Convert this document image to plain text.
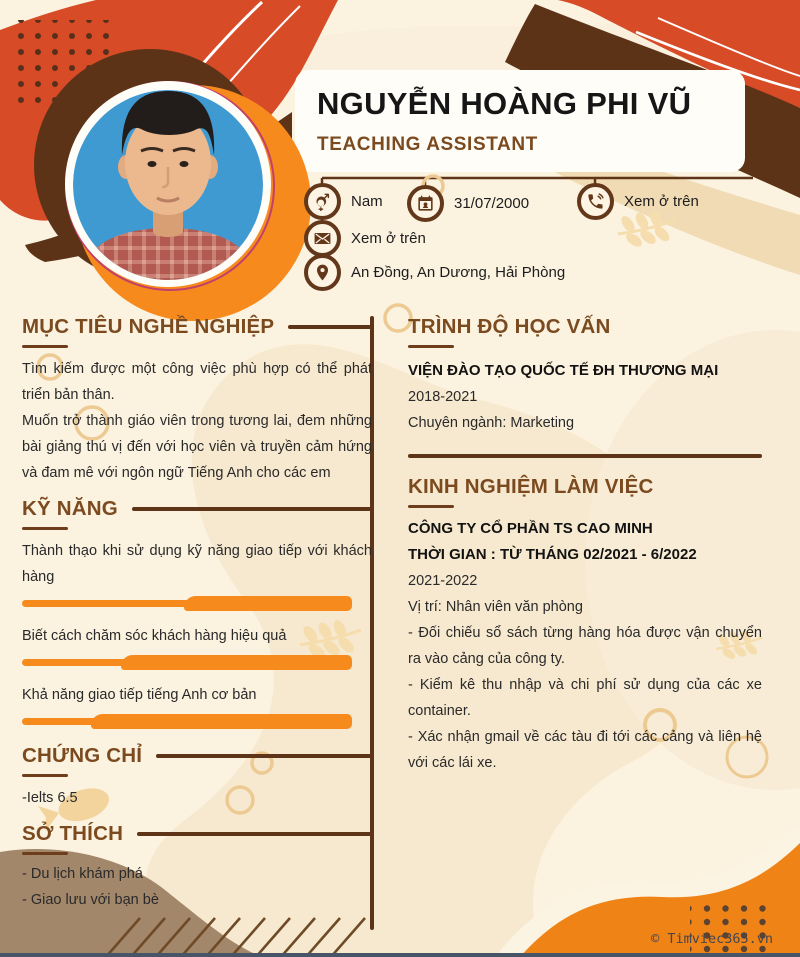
NGUYỄN HOÀNG PHI VŨ
TEACHING ASSISTANT
Nam	31/07/2000	Xem ở trên
Xem ở trên
An Đồng, An Dương, Hải Phòng
MỤC TIÊU NGHỀ NGHIỆP

Tìm kiếm được một công việc phù hợp có thể phát triển bản thân.

Muốn trở thành giáo viên trong tương lai, đem những bài giảng thú vị đến với học viên và truyền cảm hứng và đam mê với ngôn ngữ Tiếng Anh cho các em

KỸ NĂNG

Thành thạo khi sử dụng kỹ năng giao tiếp với khách hàng

Biết cách chăm sóc khách hàng hiệu quả

Khả năng giao tiếp tiếng Anh cơ bản

CHỨNG CHỈ

-Ielts 6.5

SỞ THÍCH

- Du lịch khám phá

- Giao lưu với bạn bè

TRÌNH ĐỘ HỌC VẤN

VIỆN ĐÀO TẠO QUỐC TẾ ĐH THƯƠNG MẠI

2018-2021

Chuyên ngành: Marketing

KINH NGHIỆM LÀM VIỆC

CÔNG TY CỔ PHẦN TS CAO MINH

THỜI GIAN : TỪ THÁNG 02/2021 - 6/2022

2021-2022

Vị trí: Nhân viên văn phòng

- Đối chiếu sổ sách từng hàng hóa được vận chuyển ra vào cảng của công ty.

- Kiểm kê thu nhập và chi phí sử dụng của các xe container.

- Xác nhận gmail về các tàu đi tới các cảng và liên hệ với các lái xe.

© Timviec365.vn
